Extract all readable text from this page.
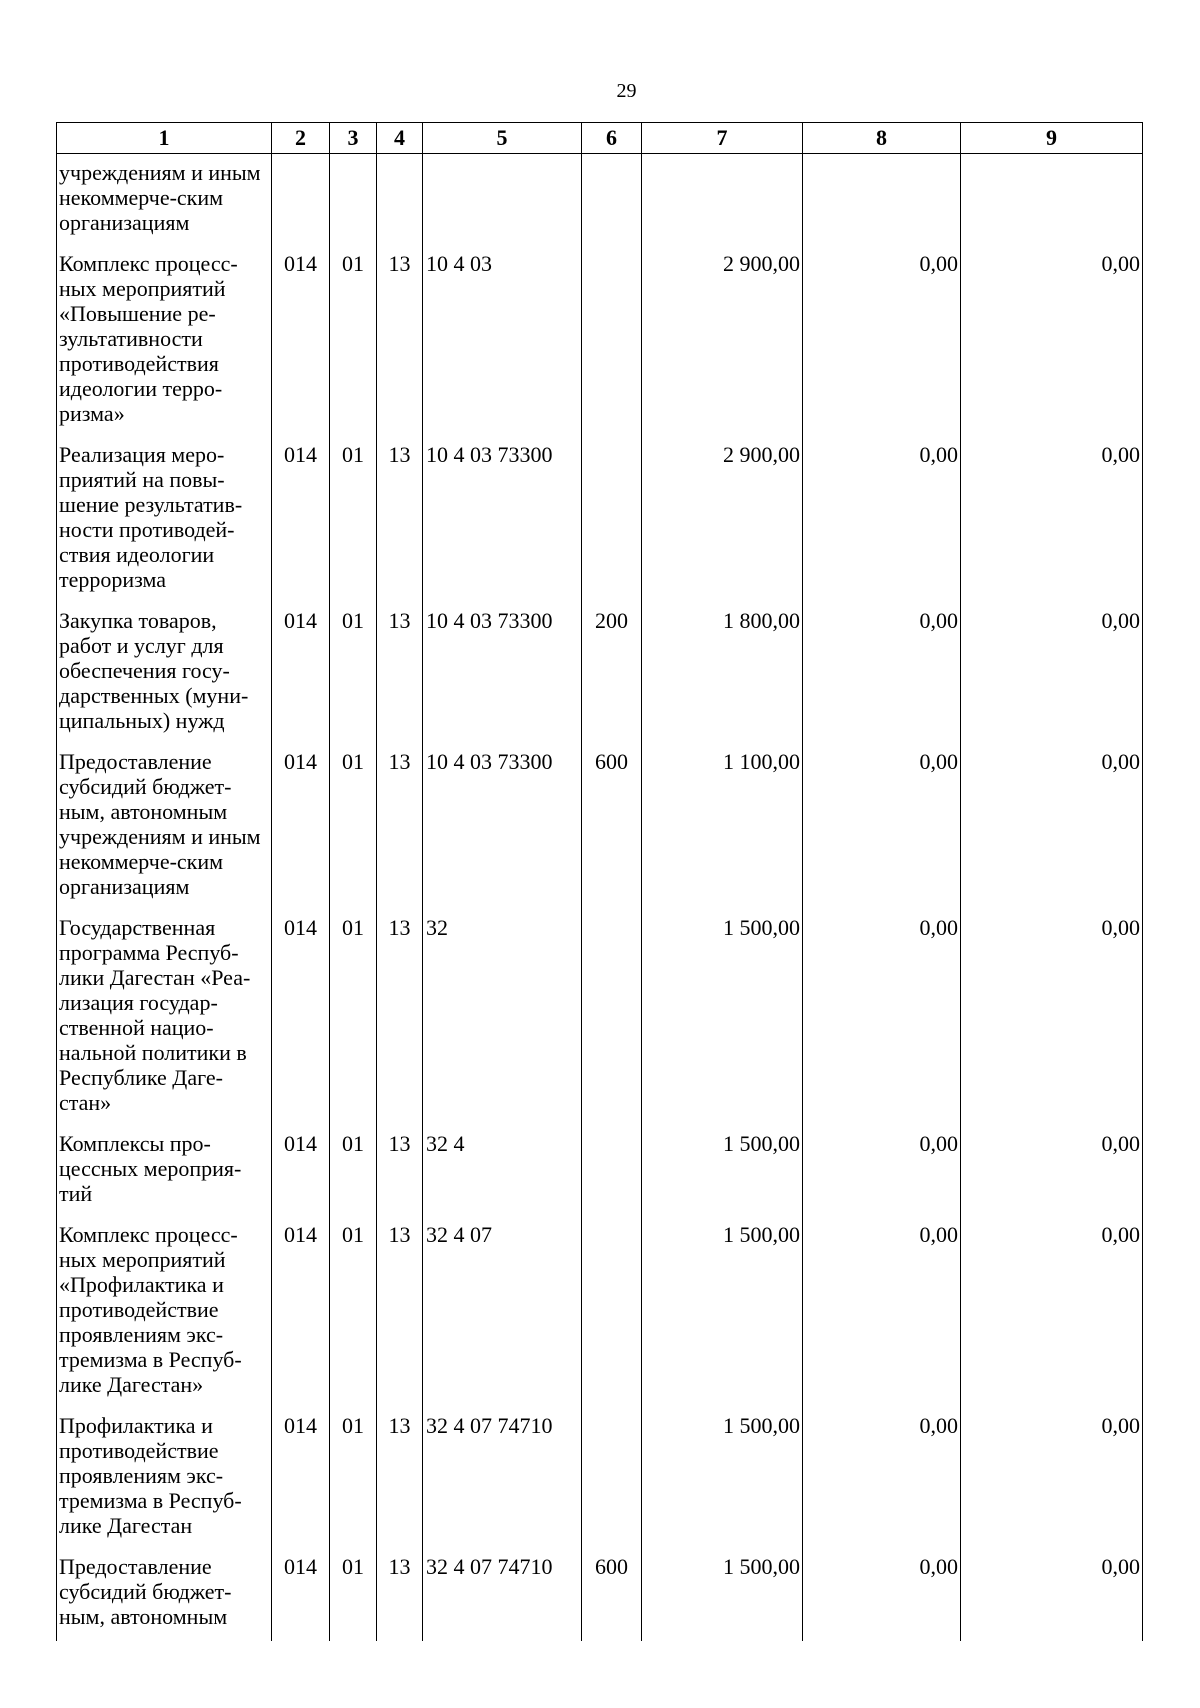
29
1	2	3	4	5	6	7	8	9
учреждениям и иным некоммерче-ским организациям								
Комплекс процесс-ных мероприятий «Повышение ре-зультативности противодействия идеологии терро-ризма»	014	01	13	10 4 03		2 900,00	0,00	0,00
Реализация меро-приятий на повы-шение результатив-ности противодей-ствия идеологии терроризма	014	01	13	10 4 03 73300		2 900,00	0,00	0,00
Закупка товаров, работ и услуг для обеспечения госу-дарственных (муни-ципальных) нужд	014	01	13	10 4 03 73300	200	1 800,00	0,00	0,00
Предоставление субсидий бюджет-ным, автономным учреждениям и иным некоммерче-ским организациям	014	01	13	10 4 03 73300	600	1 100,00	0,00	0,00
Государственная программа Респуб-лики Дагестан «Реа-лизация государ-ственной нацио-нальной политики в Республике Даге-стан»	014	01	13	32		1 500,00	0,00	0,00
Комплексы про-цессных мероприя-тий	014	01	13	32 4		1 500,00	0,00	0,00
Комплекс процесс-ных мероприятий «Профилактика и противодействие проявлениям экс-тремизма в Респуб-лике Дагестан»	014	01	13	32 4 07		1 500,00	0,00	0,00
Профилактика и противодействие проявлениям экс-тремизма в Респуб-лике Дагестан	014	01	13	32 4 07 74710		1 500,00	0,00	0,00
Предоставление субсидий бюджет-ным, автономным	014	01	13	32 4 07 74710	600	1 500,00	0,00	0,00
